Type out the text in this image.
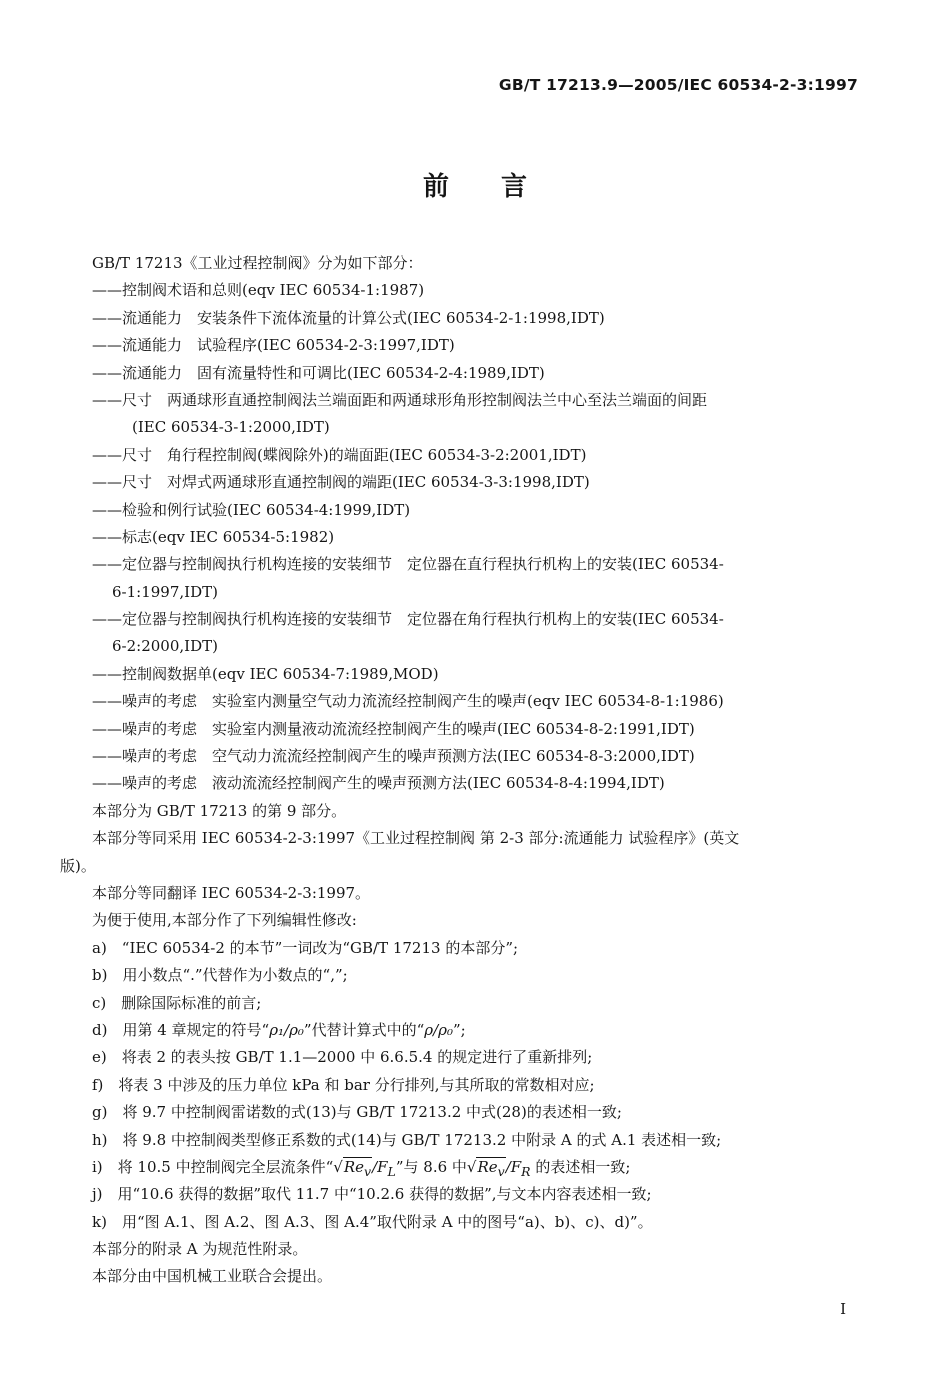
GB/T 17213.9—2005/IEC 60534-2-3:1997
前言
GB/T 17213《工业过程控制阀》分为如下部分：
——控制阀术语和总则(eqv IEC 60534-1:1987)
——流通能力　安装条件下流体流量的计算公式(IEC 60534-2-1:1998,IDT)
——流通能力　试验程序(IEC 60534-2-3:1997,IDT)
——流通能力　固有流量特性和可调比(IEC 60534-2-4:1989,IDT)
——尺寸　两通球形直通控制阀法兰端面距和两通球形角形控制阀法兰中心至法兰端面的间距
(IEC 60534-3-1:2000,IDT)
——尺寸　角行程控制阀(蝶阀除外)的端面距(IEC 60534-3-2:2001,IDT)
——尺寸　对焊式两通球形直通控制阀的端距(IEC 60534-3-3:1998,IDT)
——检验和例行试验(IEC 60534-4:1999,IDT)
——标志(eqv IEC 60534-5:1982)
——定位器与控制阀执行机构连接的安装细节　定位器在直行程执行机构上的安装(IEC 60534-
6-1:1997,IDT)
——定位器与控制阀执行机构连接的安装细节　定位器在角行程执行机构上的安装(IEC 60534-
6-2:2000,IDT)
——控制阀数据单(eqv IEC 60534-7:1989,MOD)
——噪声的考虑　实验室内测量空气动力流流经控制阀产生的噪声(eqv IEC 60534-8-1:1986)
——噪声的考虑　实验室内测量液动流流经控制阀产生的噪声(IEC 60534-8-2:1991,IDT)
——噪声的考虑　空气动力流流经控制阀产生的噪声预测方法(IEC 60534-8-3:2000,IDT)
——噪声的考虑　液动流流经控制阀产生的噪声预测方法(IEC 60534-8-4:1994,IDT)
本部分为 GB/T 17213 的第 9 部分。
本部分等同采用 IEC 60534-2-3:1997《工业过程控制阀 第 2-3 部分:流通能力 试验程序》(英文
版)。
本部分等同翻译 IEC 60534-2-3:1997。
为便于使用,本部分作了下列编辑性修改:
a)　“IEC 60534-2 的本节”一词改为“GB/T 17213 的本部分”;
b)　用小数点“.”代替作为小数点的“,”;
c)　删除国际标准的前言;
d)　用第 4 章规定的符号“ρ₁/ρ₀”代替计算式中的“ρ/ρ₀”;
e)　将表 2 的表头按 GB/T 1.1—2000 中 6.6.5.4 的规定进行了重新排列;
f)　将表 3 中涉及的压力单位 kPa 和 bar 分行排列,与其所取的常数相对应;
g)　将 9.7 中控制阀雷诺数的式(13)与 GB/T 17213.2 中式(28)的表述相一致;
h)　将 9.8 中控制阀类型修正系数的式(14)与 GB/T 17213.2 中附录 A 的式 A.1 表述相一致;
i)　将 10.5 中控制阀完全层流条件“$√Re_v/F_L$”与 8.6 中$√Re_v/F_R$ 的表述相一致;
j)　用“10.6 获得的数据”取代 11.7 中“10.2.6 获得的数据”,与文本内容表述相一致;
k)　用“图 A.1、图 A.2、图 A.3、图 A.4”取代附录 A 中的图号“a)、b)、c)、d)”。
本部分的附录 A 为规范性附录。
本部分由中国机械工业联合会提出。
I
